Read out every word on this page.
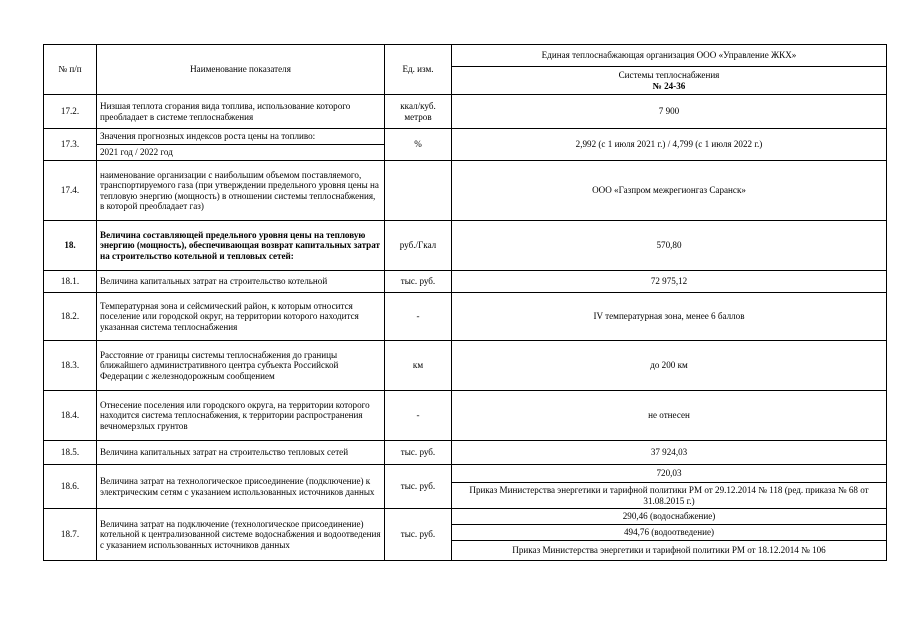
№ п/п	Наименование показателя	Ед. изм.	Единая теплоснабжающая организация ООО «Управление ЖКХ»

			Системы теплоснабжения
№ 24-36

17.2.	Низшая теплота сгорания вида топлива, использование которого преобладает в системе теплоснабжения	ккал/куб. метров	7 900
17.3.	Значения прогнозных индексов роста цены на топливо:	%	2,992 (с 1 июля 2021 г.) / 4,799 (с 1 июля 2022 г.)
	2021 год / 2022 год		
17.4.	наименование организации с наибольшим объемом поставляемого, транспортируемого газа (при утверждении предельного уровня цены на тепловую энергию (мощность) в отношении системы теплоснабжения, в которой преобладает газ)		ООО «Газпром межрегионгаз Саранск»
18.	Величина составляющей предельного уровня цены на тепловую энергию (мощность), обеспечивающая возврат капитальных затрат на строительство котельной и тепловых сетей:	руб./Гкал	570,80
18.1.	Величина капитальных затрат на строительство котельной	тыс. руб.	72 975,12
18.2.	Температурная зона и сейсмический район, к которым относится поселение или городской округ, на территории которого находится указанная система теплоснабжения	-	IV температурная зона, менее 6 баллов
18.3.	Расстояние от границы системы теплоснабжения до границы ближайшего административного центра субъекта Российской Федерации с железнодорожным сообщением	км	до 200 км
18.4.	Отнесение поселения или городского округа, на территории которого находится система теплоснабжения, к территории распространения вечномерзлых грунтов	-	не отнесен
18.5.	Величина капитальных затрат на строительство тепловых сетей	тыс. руб.	37 924,03
18.6.	Величина затрат на технологическое присоединение (подключение) к электрическим сетям с указанием использованных источников данных	тыс. руб.	720,03
			Приказ Министерства энергетики и тарифной политики РМ от 29.12.2014 № 118 (ред. приказа № 68 от 31.08.2015 г.)
18.7.	Величина затрат на подключение (технологическое присоединение) котельной к централизованной системе водоснабжения и водоотведения с указанием использованных источников данных	тыс. руб.	290,46 (водоснабжение)
			494,76 (водоотведение)
			Приказ Министерства энергетики и тарифной политики РМ от 18.12.2014 № 106
